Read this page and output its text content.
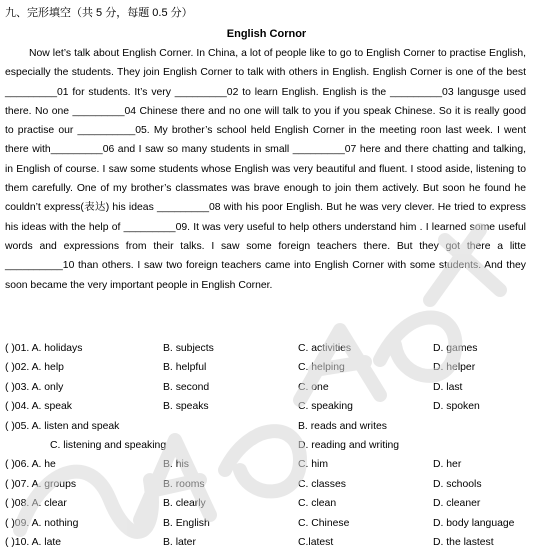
九、完形填空（共 5 分，每题 0.5 分）
English Cornor

Now let’s talk about English Corner. In China, a lot of people like to go to English Corner to practise English, especially the students. They join English Corner to talk with others in English. English Corner is one of the best _________01 for students. It’s very _________02 to learn English. English is the _________03 langusge used there. No one _________04 Chinese there and no one will talk to you if you speak Chinese. So it is really good to practise our __________05. My brother’s school held English Corner in the meeting roon last week. I went there with_________06 and I saw so many students in small _________07 here and there chatting and talking, in English of course. I saw some students whose English was very beautiful and fluent. I stood aside, listening to them carefully. One of my brother’s classmates was brave enough to join them actively. But soon he found he couldn’t express(表达) his ideas _________08 with his poor English. But he was very clever. He tried to express his ideas with the help of _________09. It was very useful to help others understand him . I learned some useful words and expressions from their talks. I saw some foreign teachers there. But they got there a litte __________10 than others. I saw two foreign teachers came into English Corner with some students. And they soon became the very important people in English Corner.

( )01. A. holidays	B. subjects	C. activities	D. games
( )02. A. help	B. helpful	C. helping	D. helper
( )03. A. only	B. second	C. one	D. last
( )04. A. speak	B. speaks	C. speaking	D. spoken
( )05. A. listen and speak	B. reads and writes
C. listening and speaking	D. reading and writing
( )06. A. he	B. his	C. him	D. her
( )07. A. groups	B. rooms	C. classes	D. schools
( )08. A. clear	B. clearly	C. clean	D. cleaner
( )09. A. nothing	B. English	C. Chinese	D. body language
( )10. A. late	B. later	C.latest	D. the lastest
